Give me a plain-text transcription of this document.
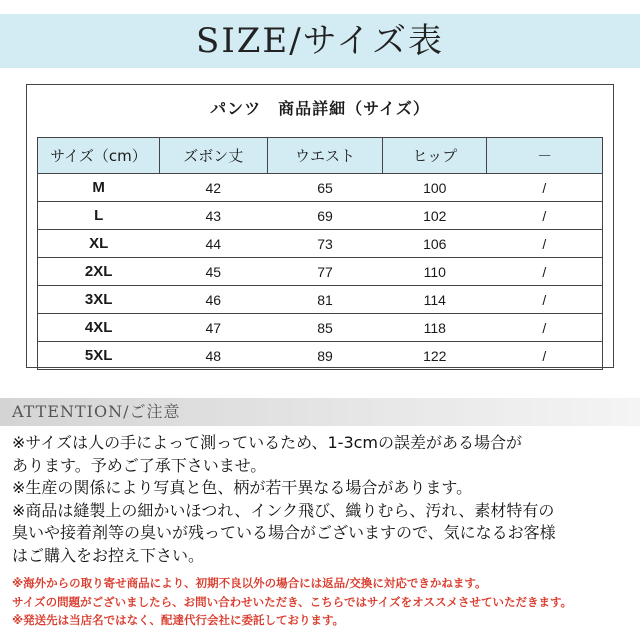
SIZE/サイズ表
パンツ　商品詳細（サイズ）
サイズ（cm）	ズボン丈	ウエスト	ヒップ	－
M	42	65	100	/
L	43	69	102	/
XL	44	73	106	/
2XL	45	77	110	/
3XL	46	81	114	/
4XL	47	85	118	/
5XL	48	89	122	/
ATTENTION/ご注意
※サイズは人の手によって測っているため、1-3cmの誤差がある場合が
あります。予めご了承下さいませ。
※生産の関係により写真と色、柄が若干異なる場合があります。
※商品は縫製上の細かいほつれ、インク飛び、織りむら、汚れ、素材特有の
臭いや接着剤等の臭いが残っている場合がございますので、気になるお客様
はご購入をお控え下さい。
※海外からの取り寄せ商品により、初期不良以外の場合には返品/交換に対応できかねます。
サイズの問題がございましたら、お問い合わせいただき、こちらではサイズをオススメさせていただきます。
※発送先は当店名ではなく、配達代行会社に委託しております。
